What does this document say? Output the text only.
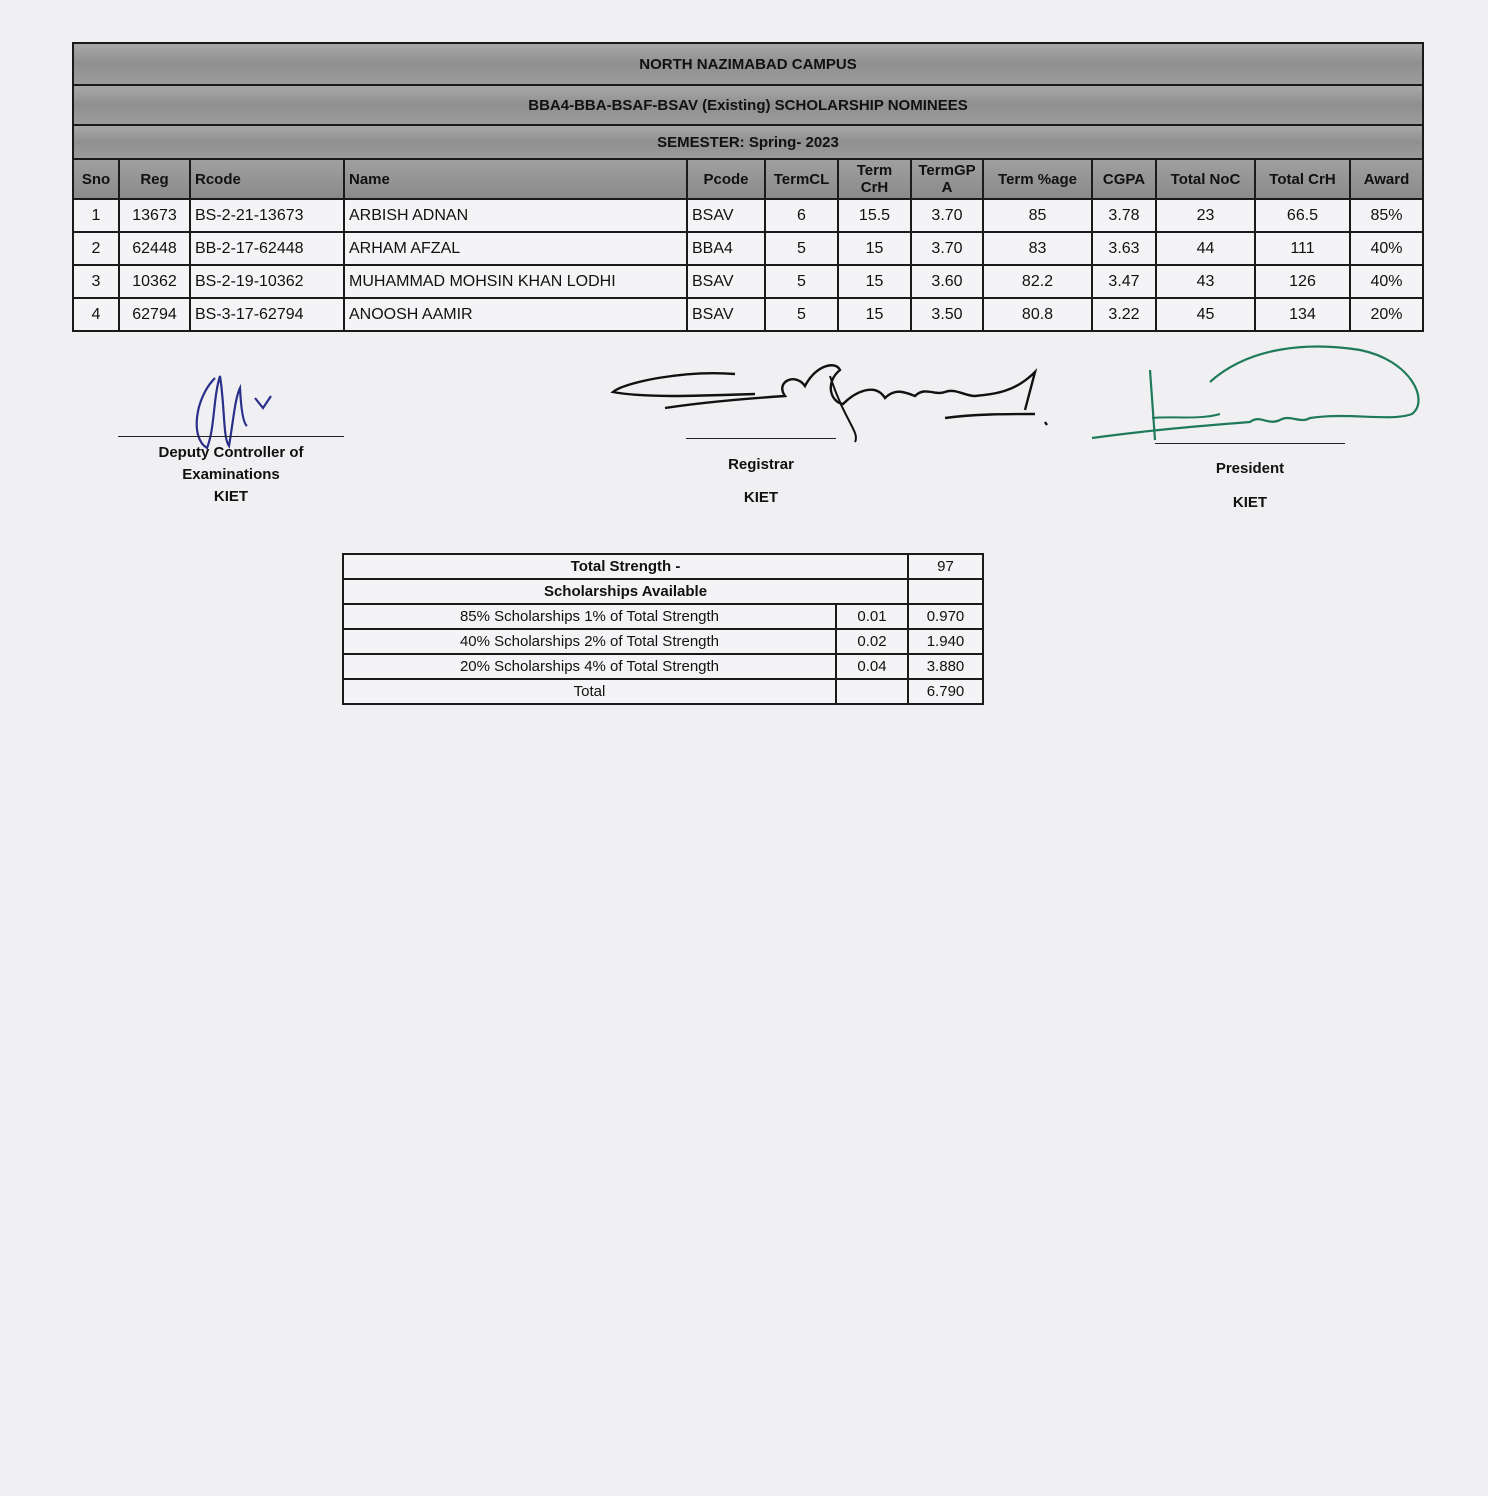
NORTH NAZIMABAD CAMPUS												
BBA4-BBA-BSAF-BSAV (Existing) SCHOLARSHIP NOMINEES												
SEMESTER: Spring- 2023												
Sno	Reg	Rcode	Name	Pcode	TermCL	Term CrH	TermGPA	Term %age	CGPA	Total NoC	Total CrH	Award
1	13673	BS-2-21-13673	ARBISH ADNAN	BSAV	6	15.5	3.70	85	3.78	23	66.5	85%
2	62448	BB-2-17-62448	ARHAM AFZAL	BBA4	5	15	3.70	83	3.63	44	111	40%
3	10362	BS-2-19-10362	MUHAMMAD MOHSIN KHAN LODHI	BSAV	5	15	3.60	82.2	3.47	43	126	40%
4	62794	BS-3-17-62794	ANOOSH AAMIR	BSAV	5	15	3.50	80.8	3.22	45	134	20%
Deputy Controller of
Examinations
KIET
Registrar
KIET
President
KIET
Total Strength -		97
Scholarships Available		
85% Scholarships 1% of Total Strength	0.01	0.970
40% Scholarships 2% of Total Strength	0.02	1.940
20% Scholarships 4% of Total Strength	0.04	3.880
Total		6.790
